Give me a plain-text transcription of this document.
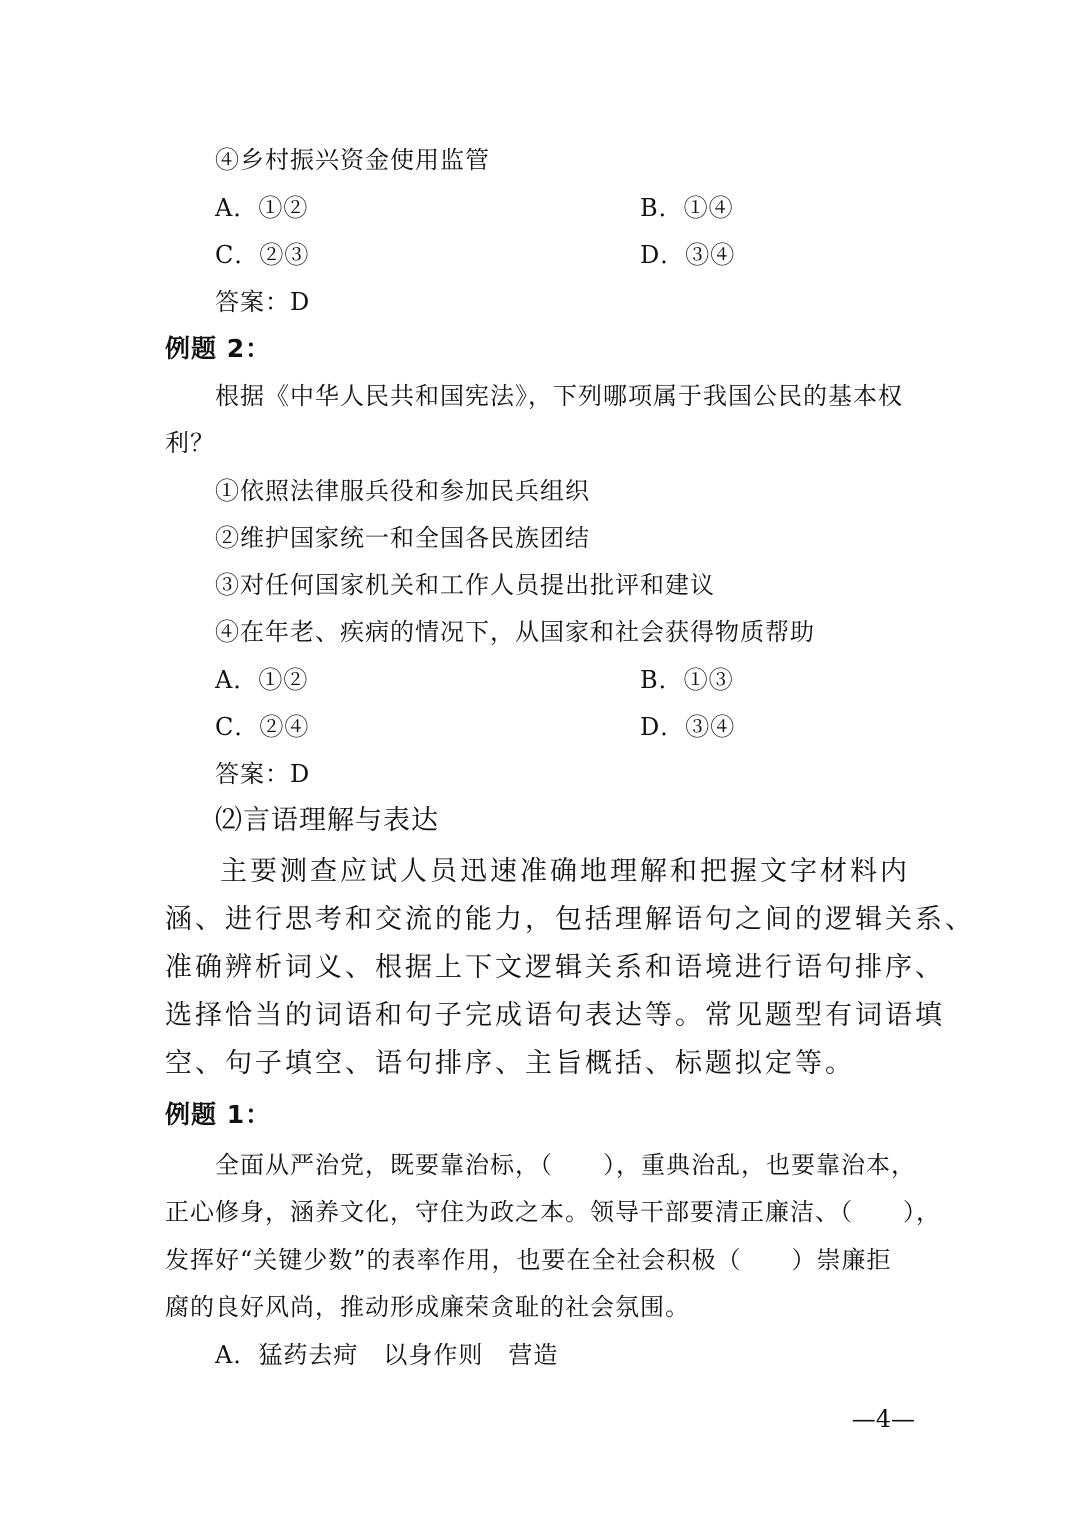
④乡村振兴资金使用监管
A．①②	B．①④
C．②③	D．③④
答案：D
例题 2：
根据《中华人民共和国宪法》，下列哪项属于我国公民的基本权
利？
①依照法律服兵役和参加民兵组织
②维护国家统一和全国各民族团结
③对任何国家机关和工作人员提出批评和建议
④在年老、疾病的情况下，从国家和社会获得物质帮助
A．①②	B．①③
C．②④	D．③④
答案：D
⑵言语理解与表达
主要测查应试人员迅速准确地理解和把握文字材料内
涵、进行思考和交流的能力，包括理解语句之间的逻辑关系、
准确辨析词义、根据上下文逻辑关系和语境进行语句排序、
选择恰当的词语和句子完成语句表达等。常见题型有词语填
空、句子填空、语句排序、主旨概括、标题拟定等。
例题 1：
全面从严治党，既要靠治标，（　　），重典治乱，也要靠治本，
正心修身，涵养文化，守住为政之本。领导干部要清正廉洁、（　　），
发挥好“关键少数”的表率作用，也要在全社会积极（　　）崇廉拒
腐的良好风尚，推动形成廉荣贪耻的社会氛围。
A．猛药去疴　以身作则　营造
—4—
